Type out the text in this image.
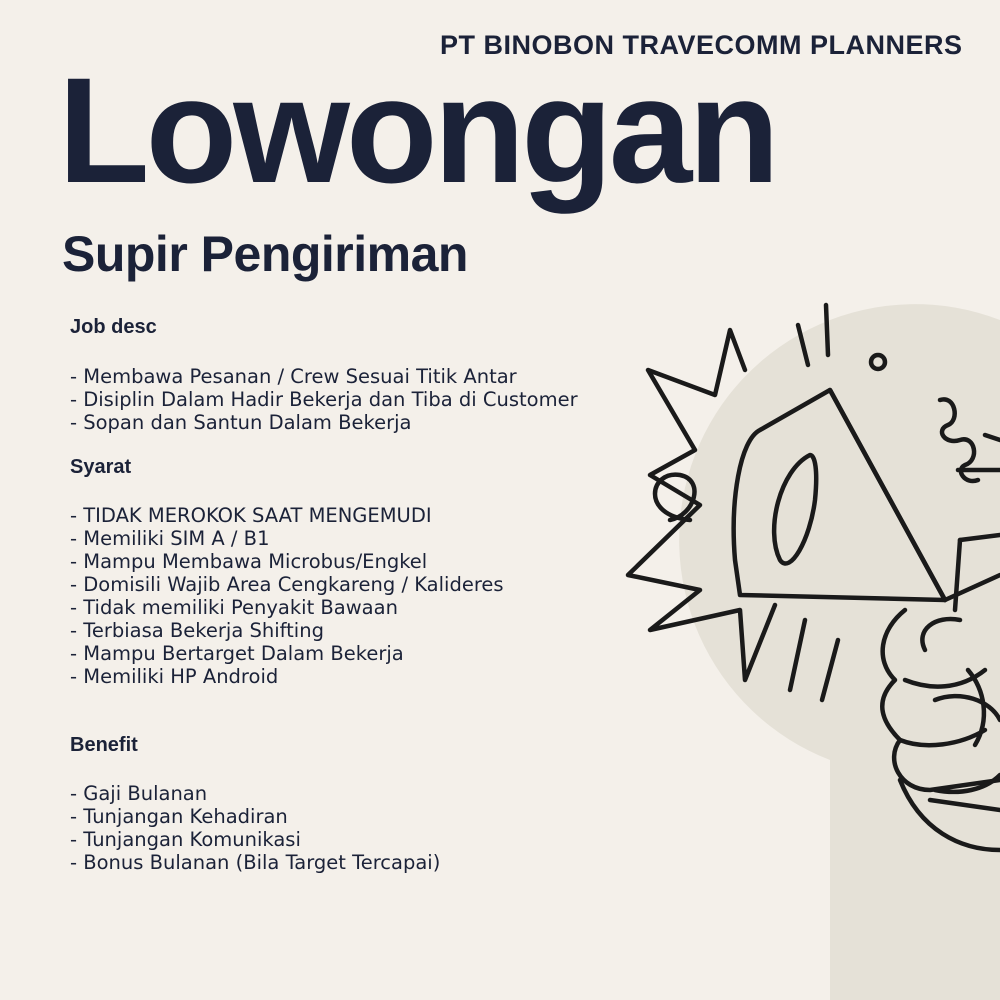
PT BINOBON TRAVECOMM PLANNERS
Lowongan
Supir Pengiriman
Job desc
- Membawa Pesanan / Crew Sesuai Titik Antar
- Disiplin Dalam Hadir Bekerja dan Tiba di Customer
- Sopan dan Santun Dalam Bekerja
Syarat
- TIDAK MEROKOK SAAT MENGEMUDI
- Memiliki SIM A / B1
- Mampu Membawa Microbus/Engkel
- Domisili Wajib Area Cengkareng / Kalideres
- Tidak memiliki Penyakit Bawaan
- Terbiasa Bekerja Shifting
- Mampu Bertarget Dalam Bekerja
- Memiliki HP Android
Benefit
- Gaji Bulanan
- Tunjangan Kehadiran
- Tunjangan Komunikasi
- Bonus Bulanan (Bila Target Tercapai)
